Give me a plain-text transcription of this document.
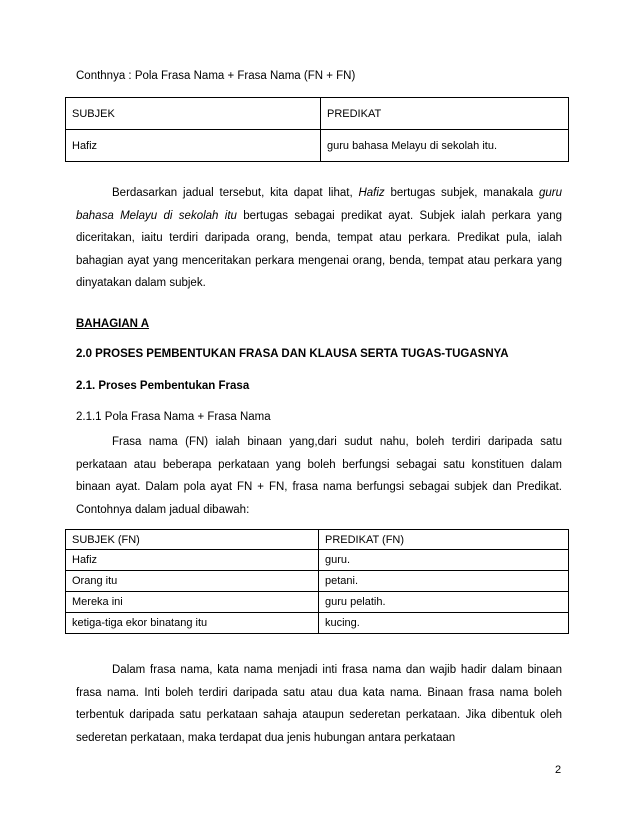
Conthnya : Pola Frasa Nama + Frasa Nama (FN + FN)
SUBJEK	PREDIKAT
Hafiz	guru bahasa Melayu di sekolah itu.

Berdasarkan jadual tersebut, kita dapat lihat, Hafiz bertugas subjek, manakala guru bahasa Melayu di sekolah itu bertugas sebagai predikat ayat. Subjek ialah perkara yang diceritakan, iaitu terdiri daripada orang, benda, tempat atau perkara. Predikat pula, ialah bahagian ayat yang menceritakan perkara mengenai orang, benda, tempat atau perkara yang dinyatakan dalam subjek.

BAHAGIAN A
2.0 PROSES PEMBENTUKAN FRASA DAN KLAUSA SERTA TUGAS-TUGASNYA
2.1. Proses Pembentukan Frasa
2.1.1 Pola Frasa Nama + Frasa Nama

Frasa nama (FN) ialah binaan yang,dari sudut nahu, boleh terdiri daripada satu perkataan atau beberapa perkataan yang boleh berfungsi sebagai satu konstituen dalam binaan ayat. Dalam pola ayat FN + FN, frasa nama berfungsi sebagai subjek dan Predikat. Contohnya dalam jadual dibawah:

SUBJEK (FN)	PREDIKAT (FN)
Hafiz	guru.
Orang itu	petani.
Mereka ini	guru pelatih.
ketiga-tiga ekor binatang itu	kucing.

Dalam frasa nama, kata nama menjadi inti frasa nama dan wajib hadir dalam binaan frasa nama. Inti boleh terdiri daripada satu atau dua kata nama. Binaan frasa nama boleh terbentuk daripada satu perkataan sahaja ataupun sederetan perkataan. Jika dibentuk oleh sederetan perkataan, maka terdapat dua jenis hubungan antara perkataan

2
